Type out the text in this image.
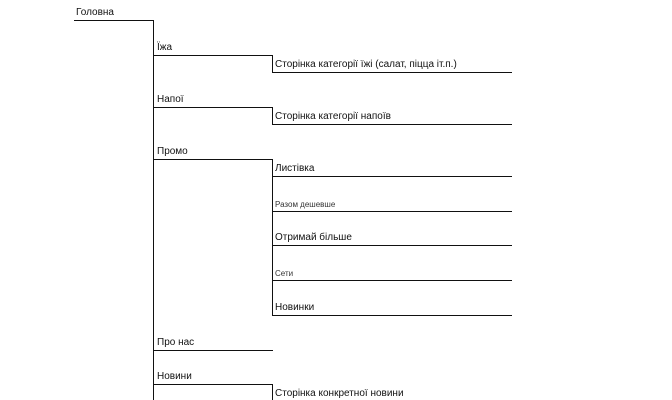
Головна
Їжа
Сторінка категорії їжі (салат, піцца іт.п.)
Напої
Сторінка категорії напоїв
Промо
Листівка
Разом дешевше
Отримай більше
Сети
Новинки
Про нас
Новини
Сторінка конкретної новини
